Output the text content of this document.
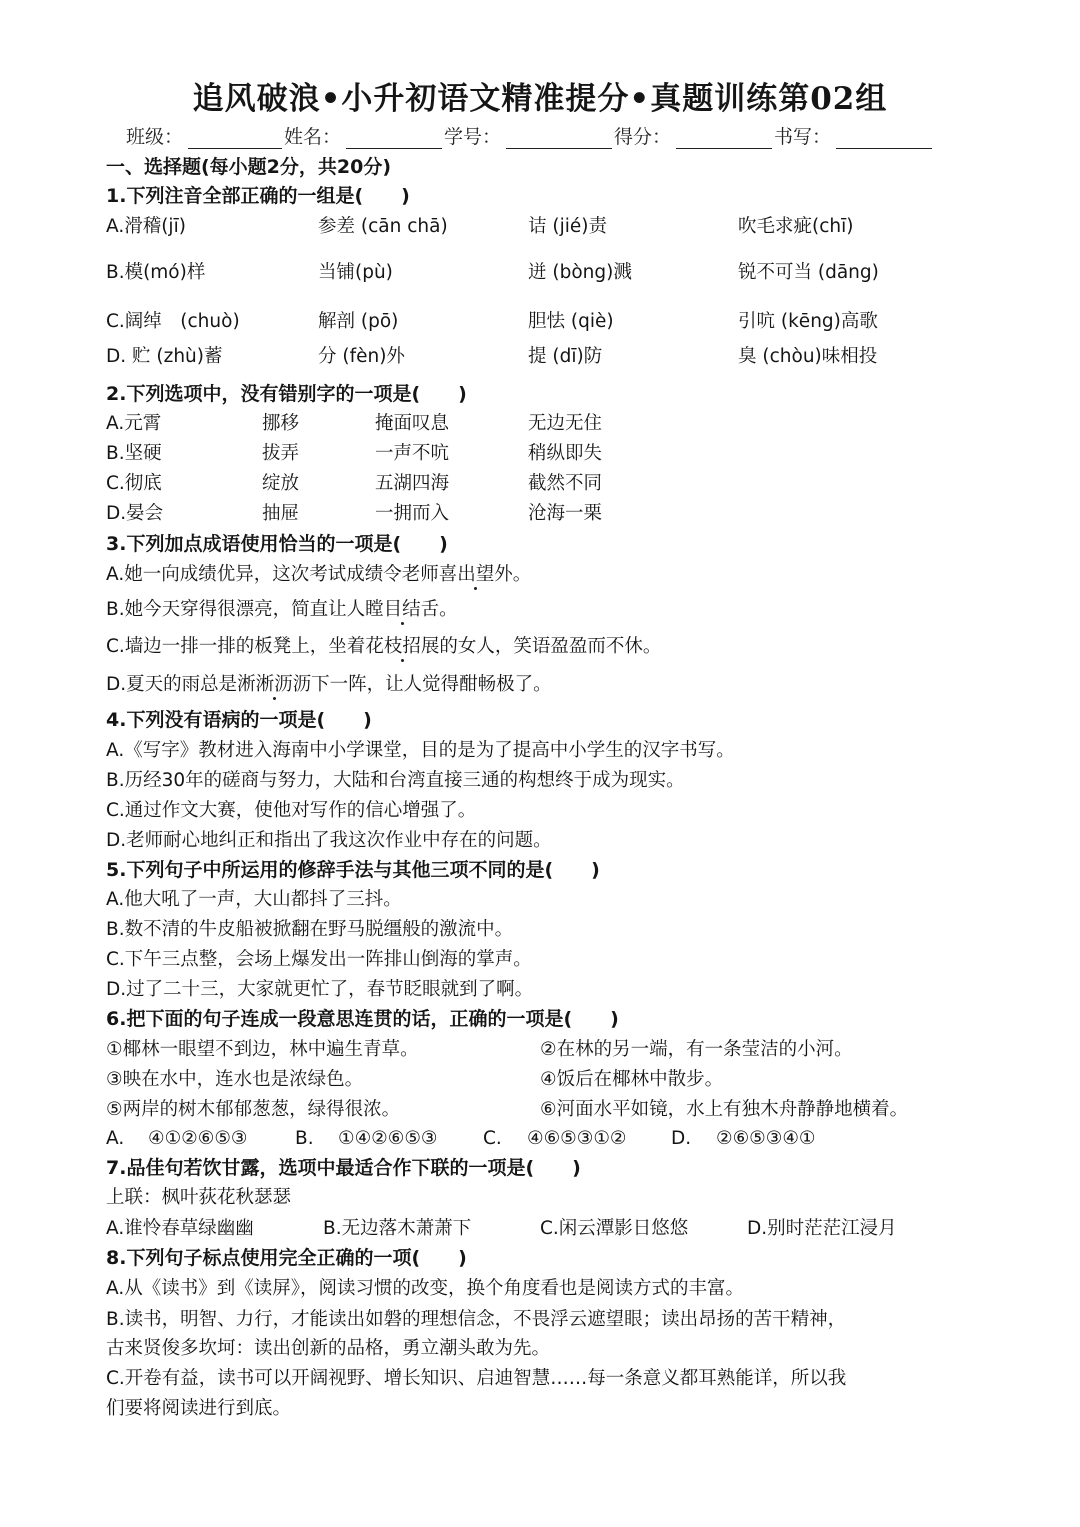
追风破浪•小升初语文精准提分•真题训练第02组
班级：	姓名：	学号：	得分：	书写：
一、选择题(每小题2分，共20分)
1.下列注音全部正确的一组是(　　)
A.滑稽(jī)	参差 (cān chā)	诘 (jié)责	吹毛求疵(chī)
B.模(mó)样	当铺(pù)	迸 (bòng)溅	锐不可当 (dāng)
C.阔绰　(chuò)	解剖 (pō)	胆怯 (qiè)	引吭 (kēng)高歌
D. 贮 (zhù)蓄	分 (fèn)外	提 (dī)防	臭 (chòu)味相投
2.下列选项中，没有错别字的一项是(　　)
A.元霄	挪移	掩面叹息	无边无住
B.坚硬	拔弄	一声不吭	稍纵即失
C.彻底	绽放	五湖四海	截然不同
D.晏会	抽屉	一拥而入	沧海一栗
3.下列加点成语使用恰当的一项是(　　)
A.她一向成绩优异，这次考试成绩令老师喜出望外。
B.她今天穿得很漂亮，简直让人瞠目结舌。
C.墙边一排一排的板凳上，坐着花枝招展的女人，笑语盈盈而不休。
D.夏天的雨总是淅淅沥沥下一阵，让人觉得酣畅极了。
4.下列没有语病的一项是(　　)
A.《写字》教材进入海南中小学课堂，目的是为了提高中小学生的汉字书写。
B.历经30年的磋商与努力，大陆和台湾直接三通的构想终于成为现实。
C.通过作文大赛，使他对写作的信心增强了。
D.老师耐心地纠正和指出了我这次作业中存在的问题。
5.下列句子中所运用的修辞手法与其他三项不同的是(　　)
A.他大吼了一声，大山都抖了三抖。
B.数不清的牛皮船被掀翻在野马脱缰般的激流中。
C.下午三点整，会场上爆发出一阵排山倒海的掌声。
D.过了二十三，大家就更忙了，春节眨眼就到了啊。
6.把下面的句子连成一段意思连贯的话，正确的一项是(　　)
①椰林一眼望不到边，林中遍生青草。	②在林的另一端，有一条莹洁的小河。
③映在水中，连水也是浓绿色。	④饭后在椰林中散步。
⑤两岸的树木郁郁葱葱，绿得很浓。	⑥河面水平如镜，水上有独木舟静静地横着。
A. ④①②⑥⑤③	B. ①④②⑥⑤③ C. ④⑥⑤③①② D. ②⑥⑤③④①
7.品佳句若饮甘露，选项中最适合作下联的一项是(　　)
上联：枫叶荻花秋瑟瑟
A.谁怜春草绿幽幽	B.无边落木萧萧下	C.闲云潭影日悠悠	D.别时茫茫江浸月
8.下列句子标点使用完全正确的一项(　　)
A.从《读书》到《读屏》，阅读习惯的改变，换个角度看也是阅读方式的丰富。
B.读书，明智、力行，才能读出如磐的理想信念，不畏浮云遮望眼；读出昂扬的苦干精神，
古来贤俊多坎坷：读出创新的品格，勇立潮头敢为先。
C.开卷有益，读书可以开阔视野、增长知识、启迪智慧……每一条意义都耳熟能详，所以我
们要将阅读进行到底。
